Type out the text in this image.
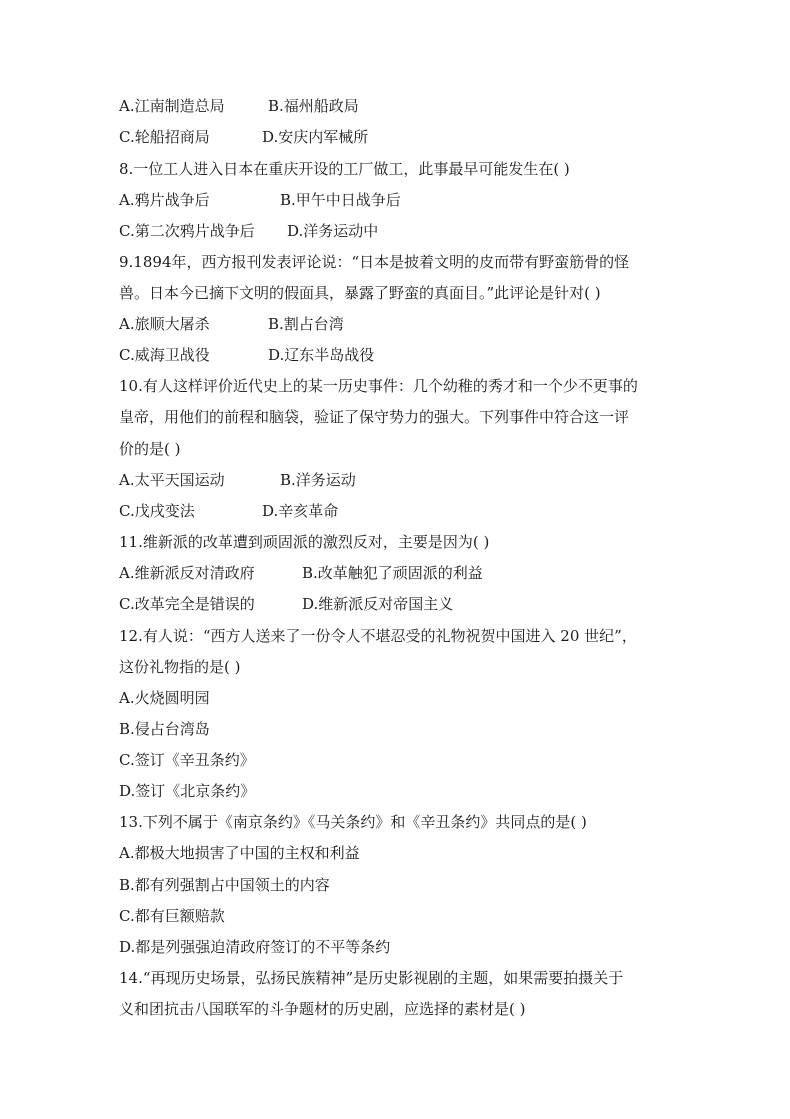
A.江南制造总局	B.福州船政局
C.轮船招商局	D.安庆内军械所
8.一位工人进入日本在重庆开设的工厂做工，此事最早可能发生在( )
A.鸦片战争后	B.甲午中日战争后
C.第二次鸦片战争后 D.洋务运动中
9.1894年，西方报刊发表评论说：“日本是披着文明的皮而带有野蛮筋骨的怪
兽。日本今已摘下文明的假面具，暴露了野蛮的真面目。”此评论是针对( )
A.旅顺大屠杀	B.割占台湾
C.威海卫战役	D.辽东半岛战役
10.有人这样评价近代史上的某一历史事件：几个幼稚的秀才和一个少不更事的
皇帝，用他们的前程和脑袋，验证了保守势力的强大。下列事件中符合这一评
价的是( )
A.太平天国运动	B.洋务运动
C.戊戌变法	D.辛亥革命
11.维新派的改革遭到顽固派的激烈反对，主要是因为( )
A.维新派反对清政府	B.改革触犯了顽固派的利益
C.改革完全是错误的	D.维新派反对帝国主义
12.有人说：“西方人送来了一份令人不堪忍受的礼物祝贺中国进入 20 世纪”，
这份礼物指的是( )
A.火烧圆明园
B.侵占台湾岛
C.签订《辛丑条约》
D.签订《北京条约》
13.下列不属于《南京条约》《马关条约》和《辛丑条约》共同点的是( )
A.都极大地损害了中国的主权和利益
B.都有列强割占中国领土的内容
C.都有巨额赔款
D.都是列强强迫清政府签订的不平等条约
14.“再现历史场景，弘扬民族精神”是历史影视剧的主题，如果需要拍摄关于
义和团抗击八国联军的斗争题材的历史剧，应选择的素材是( )
